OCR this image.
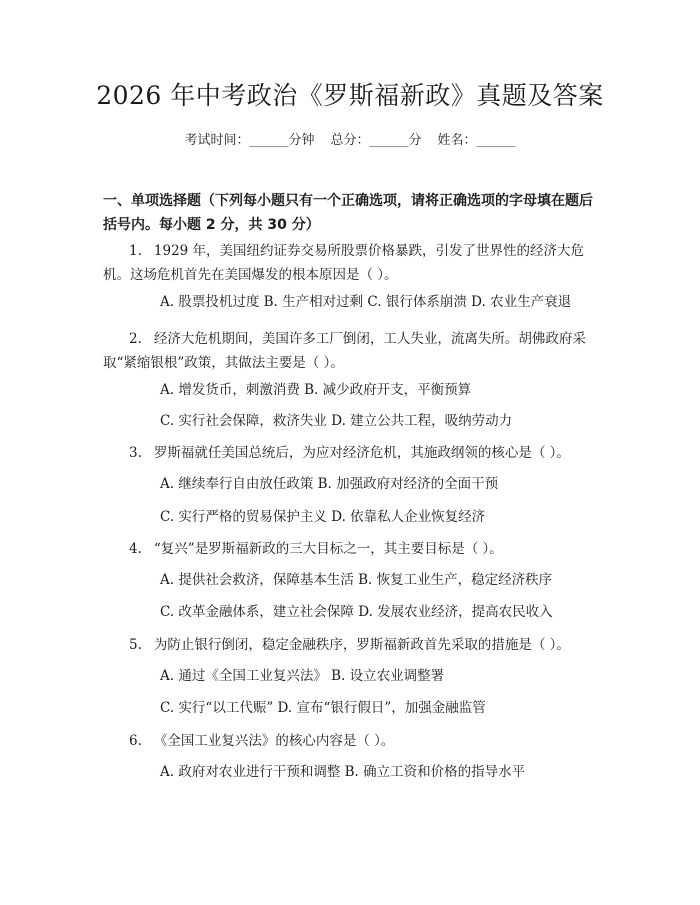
2026 年中考政治《罗斯福新政》真题及答案
考试时间：______分钟 总分：______分 姓名：______
一、单项选择题（下列每小题只有一个正确选项，请将正确选项的字母填在题后括号内。每小题 2 分，共 30 分）
1. 1929 年，美国纽约证券交易所股票价格暴跌，引发了世界性的经济大危机。这场危机首先在美国爆发的根本原因是（ ）。
A. 股票投机过度 B. 生产相对过剩 C. 银行体系崩溃 D. 农业生产衰退
2. 经济大危机期间，美国许多工厂倒闭，工人失业，流离失所。胡佛政府采取“紧缩银根”政策，其做法主要是（ ）。
A. 增发货币，刺激消费 B. 减少政府开支，平衡预算
C. 实行社会保障，救济失业 D. 建立公共工程，吸纳劳动力
3. 罗斯福就任美国总统后，为应对经济危机，其施政纲领的核心是（ ）。
A. 继续奉行自由放任政策 B. 加强政府对经济的全面干预
C. 实行严格的贸易保护主义 D. 依靠私人企业恢复经济
4. “复兴”是罗斯福新政的三大目标之一，其主要目标是（ ）。
A. 提供社会救济，保障基本生活 B. 恢复工业生产，稳定经济秩序
C. 改革金融体系，建立社会保障 D. 发展农业经济，提高农民收入
5. 为防止银行倒闭，稳定金融秩序，罗斯福新政首先采取的措施是（ ）。
A. 通过《全国工业复兴法》 B. 设立农业调整署
C. 实行“以工代赈” D. 宣布“银行假日”，加强金融监管
6. 《全国工业复兴法》的核心内容是（ ）。
A. 政府对农业进行干预和调整 B. 确立工资和价格的指导水平
